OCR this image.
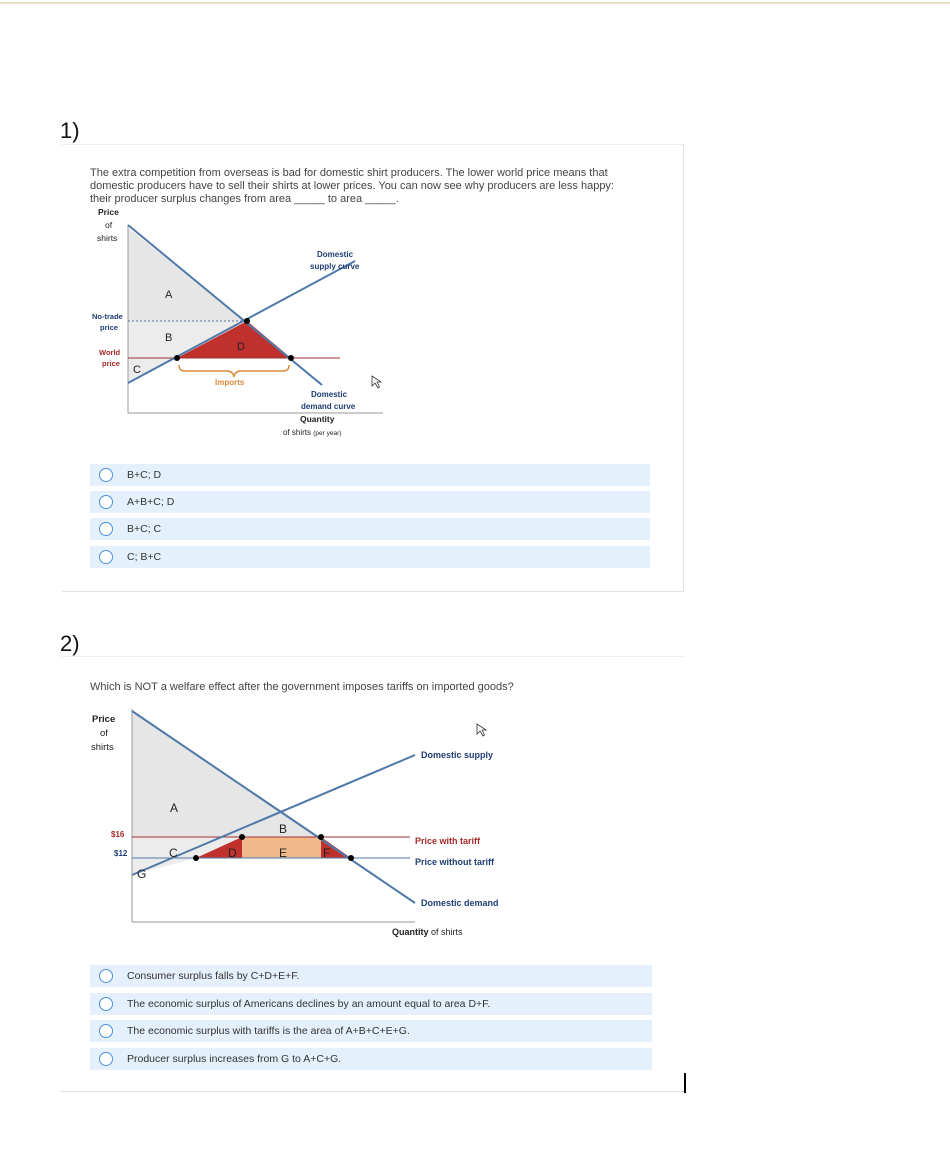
1)
The extra competition from overseas is bad for domestic shirt producers. The lower world price means that
domestic producers have to sell their shirts at lower prices. You can now see why producers are less happy:
their producer surplus changes from area _____ to area _____.
Price
of
shirts
No-trade
price
World
price
A
B
C
D
Domestic
supply curve
Imports
Domestic
demand curve
Quantity
of shirts (per year)
B+C; D
A+B+C; D
B+C; C
C; B+C
2)
Which is NOT a welfare effect after the government imposes tariffs on imported goods?
Price
of
shirts
$16
$12
A
B
C	D	E	F
G
Domestic supply
Price with tariff
Price without tariff
Domestic demand
Quantity of shirts
Consumer surplus falls by C+D+E+F.
The economic surplus of Americans declines by an amount equal to area D+F.
The economic surplus with tariffs is the area of A+B+C+E+G.
Producer surplus increases from G to A+C+G.
